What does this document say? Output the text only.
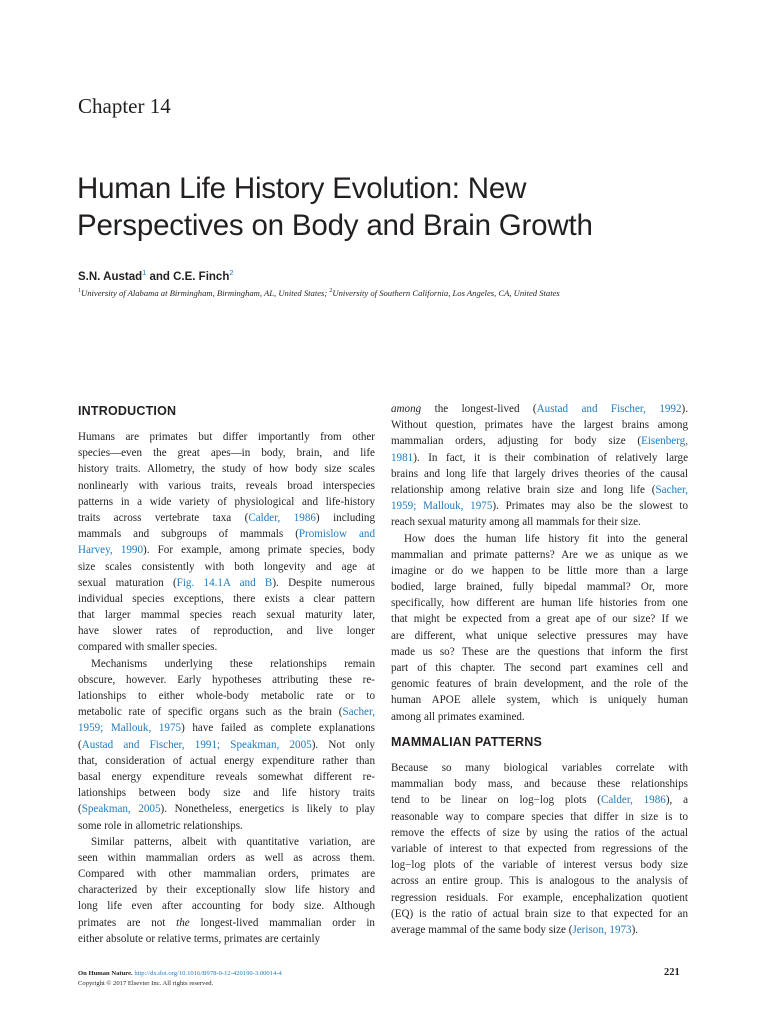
Chapter 14
Human Life History Evolution: New
Perspectives on Body and Brain Growth
S.N. Austad$^1$ and C.E. Finch$^2$
$^1$University of Alabama at Birmingham, Birmingham, AL, United States; $^2$University of Southern California, Los Angeles, CA, United States
INTRODUCTION
Humans are primates but differ importantly from other
species—even the great apes—in body, brain, and life
history traits. Allometry, the study of how body size scales
nonlinearly with various traits, reveals broad interspecies
patterns in a wide variety of physiological and life-history
traits across vertebrate taxa (Calder, 1986) including
mammals and subgroups of mammals (Promislow and
Harvey, 1990). For example, among primate species, body
size scales consistently with both longevity and age at
sexual maturation (Fig. 14.1A and B). Despite numerous
individual species exceptions, there exists a clear pattern
that larger mammal species reach sexual maturity later,
have slower rates of reproduction, and live longer
compared with smaller species.
Mechanisms underlying these relationships remain
obscure, however. Early hypotheses attributing these re-
lationships to either whole-body metabolic rate or to
metabolic rate of specific organs such as the brain (Sacher,
1959; Mallouk, 1975) have failed as complete explanations
(Austad and Fischer, 1991; Speakman, 2005). Not only
that, consideration of actual energy expenditure rather than
basal energy expenditure reveals somewhat different re-
lationships between body size and life history traits
(Speakman, 2005). Nonetheless, energetics is likely to play
some role in allometric relationships.
Similar patterns, albeit with quantitative variation, are
seen within mammalian orders as well as across them.
Compared with other mammalian orders, primates are
characterized by their exceptionally slow life history and
long life even after accounting for body size. Although
primates are not the longest-lived mammalian order in
either absolute or relative terms, primates are certainly
among the longest-lived (Austad and Fischer, 1992).
Without question, primates have the largest brains among
mammalian orders, adjusting for body size (Eisenberg,
1981). In fact, it is their combination of relatively large
brains and long life that largely drives theories of the causal
relationship among relative brain size and long life (Sacher,
1959; Mallouk, 1975). Primates may also be the slowest to
reach sexual maturity among all mammals for their size.
How does the human life history fit into the general
mammalian and primate patterns? Are we as unique as we
imagine or do we happen to be little more than a large
bodied, large brained, fully bipedal mammal? Or, more
specifically, how different are human life histories from one
that might be expected from a great ape of our size? If we
are different, what unique selective pressures may have
made us so? These are the questions that inform the first
part of this chapter. The second part examines cell and
genomic features of brain development, and the role of the
human APOE allele system, which is uniquely human
among all primates examined.
MAMMALIAN PATTERNS
Because so many biological variables correlate with
mammalian body mass, and because these relationships
tend to be linear on log−log plots (Calder, 1986), a
reasonable way to compare species that differ in size is to
remove the effects of size by using the ratios of the actual
variable of interest to that expected from regressions of the
log−log plots of the variable of interest versus body size
across an entire group. This is analogous to the analysis of
regression residuals. For example, encephalization quotient
(EQ) is the ratio of actual brain size to that expected for an
average mammal of the same body size (Jerison, 1973).
On Human Nature. http://dx.doi.org/10.1016/B978-0-12-420190-3.00014-4
Copyright © 2017 Elsevier Inc. All rights reserved.
221
